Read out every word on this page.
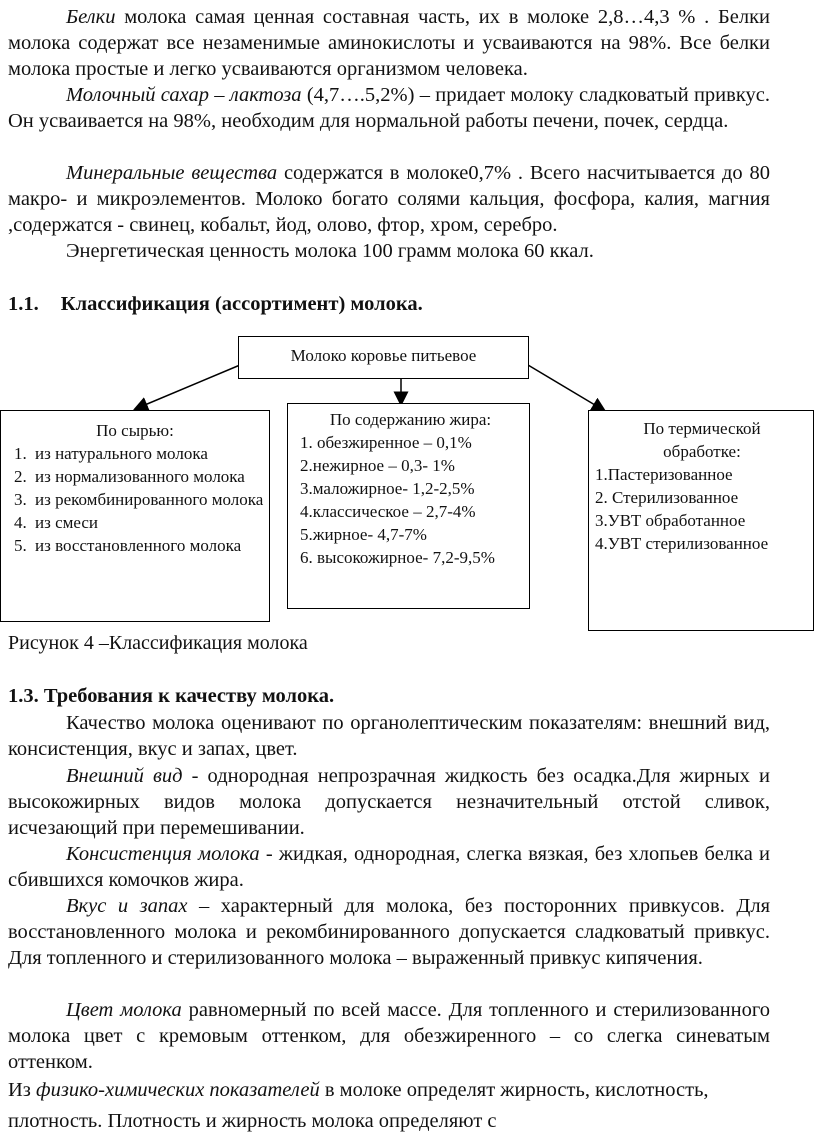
Белки молока самая ценная составная часть, их в молоке 2,8…4,3 % . Белки молока содержат все незаменимые аминокислоты и усваиваются на 98%. Все белки молока простые и легко усваиваются организмом человека.
Молочный сахар – лактоза (4,7….5,2%) – придает молоку сладковатый привкус. Он усваивается на 98%, необходим для нормальной работы печени, почек, сердца.
Минеральные вещества содержатся в молоке0,7% . Всего насчитывается до 80 макро- и микроэлементов. Молоко богато солями кальция, фосфора, калия, магния ,содержатся - свинец, кобальт, йод, олово, фтор, хром, серебро.
Энергетическая ценность молока 100 грамм молока 60 ккал.
1.1. Классификация (ассортимент) молока.
Молоко коровье питьевое
По сырью:
1. из натурального молока
2. из нормализованного молока
3. из рекомбинированного молока
4. из смеси
5. из восстановленного молока
По содержанию жира:
1. обезжиренное – 0,1%
2.нежирное – 0,3- 1%
3.маложирное- 1,2-2,5%
4.классическое – 2,7-4%
5.жирное- 4,7-7%
6. высокожирное- 7,2-9,5%
По термической обработке:
1.Пастеризованное
2. Стерилизованное
3.УВТ обработанное
4.УВТ стерилизованное
Рисунок 4 –Классификация молока
1.3. Требования к качеству молока.
Качество молока оценивают по органолептическим показателям: внешний вид, консистенция, вкус и запах, цвет.
Внешний вид - однородная непрозрачная жидкость без осадка.Для жирных и высокожирных видов молока допускается незначительный отстой сливок, исчезающий при перемешивании.
Консистенция молока - жидкая, однородная, слегка вязкая, без хлопьев белка и сбившихся комочков жира.
Вкус и запах – характерный для молока, без посторонних привкусов. Для восстановленного молока и рекомбинированного допускается сладковатый привкус. Для топленного и стерилизованного молока – выраженный привкус кипячения.
Цвет молока равномерный по всей массе. Для топленного и стерилизованного молока цвет с кремовым оттенком, для обезжиренного – со слегка синеватым оттенком.
Из физико-химических показателей в молоке определят жирность, кислотность, плотность. Плотность и жирность молока определяют с
